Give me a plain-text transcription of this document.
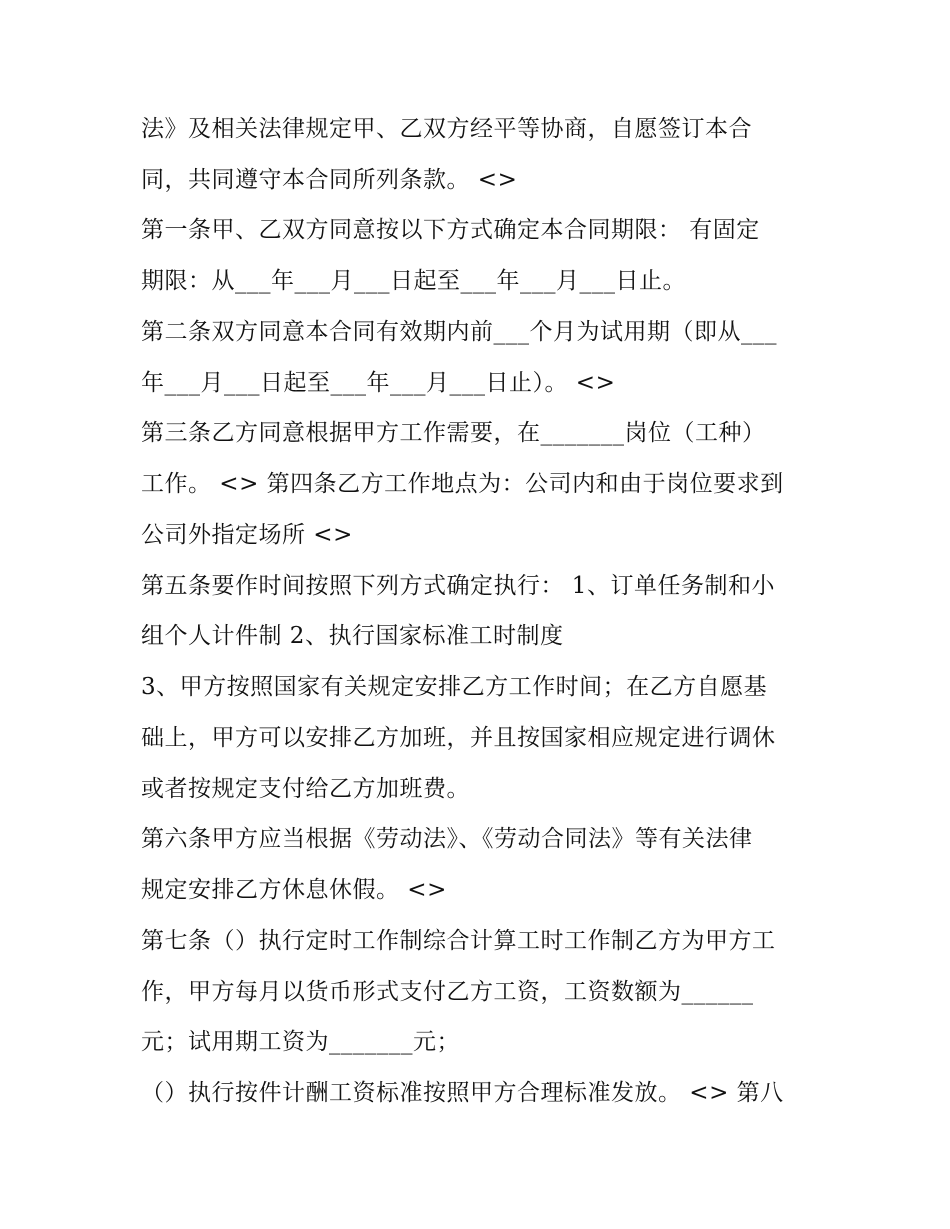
法》及相关法律规定甲、乙双方经平等协商，自愿签订本合
同，共同遵守本合同所列条款。 <>
第一条甲、乙双方同意按以下方式确定本合同期限： 有固定
期限：从___年___月___日起至___年___月___日止。
第二条双方同意本合同有效期内前___个月为试用期（即从___
年___月___日起至___年___月___日止）。 <>
第三条乙方同意根据甲方工作需要，在_______岗位（工种）
工作。 <> 第四条乙方工作地点为：公司内和由于岗位要求到
公司外指定场所 <>
第五条要作时间按照下列方式确定执行： 1、订单任务制和小
组个人计件制 2、执行国家标准工时制度
3、甲方按照国家有关规定安排乙方工作时间；在乙方自愿基
础上，甲方可以安排乙方加班，并且按国家相应规定进行调休
或者按规定支付给乙方加班费。
第六条甲方应当根据《劳动法》、《劳动合同法》等有关法律
规定安排乙方休息休假。 <>
第七条（）执行定时工作制综合计算工时工作制乙方为甲方工
作，甲方每月以货币形式支付乙方工资，工资数额为______
元；试用期工资为_______元；
（）执行按件计酬工资标准按照甲方合理标准发放。 <> 第八
